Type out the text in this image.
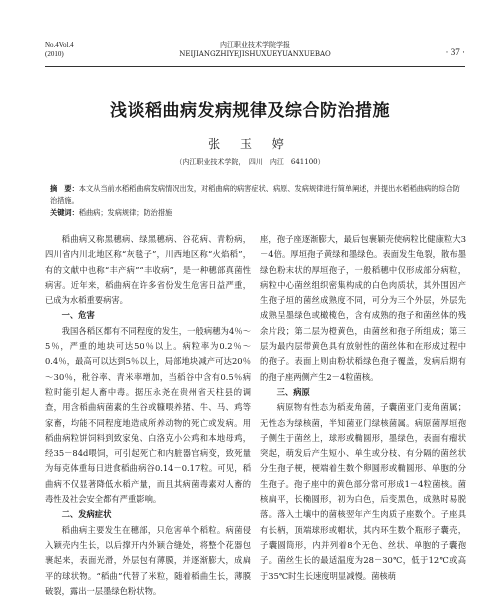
No.4Vol.4
(2010)
内江职业技术学院学报
NEIJIANGZHIYEJISHUXUEYUANXUEBAO	· 37 ·
浅谈稻曲病发病规律及综合防治措施
张 玉 婷
（内江职业技术学院，　四川　内江　641100）
摘　要：本文从当前水稻稻曲病发病情况出发，对稻曲病的病害症状、病原、发病规律进行简单阐述，并提出水稻稻曲病的综合防治措施。
关键词：稻曲病；发病规律；防治措施

稻曲病又称黑穗病、绿黑穗病、谷花病、青粉病，四川省内川北地区称“灰毯子”，川西地区称“火焰稻”，有的文献中也称“丰产病”“丰收病”，是一种穗部真菌性病害。近年来，稻曲病在许多省份发生危害日益严重，已成为水稻重要病害。

一、危害

我国各稻区都有不同程度的发生，一般病穗为4％～5％，严重的地块可达50％以上。病粒率为0.2％～0.4％，最高可以达到5％以上，局部地块减产可达20％～30％，秕谷率、青米率增加，当稻谷中含有0.5％病粒时能引起人畜中毒。据压永尧在贵州省天柱县的调查，用含稻曲病菌素的生谷或糠喂养猪、牛、马、鸡等家畜，均能不同程度地造成所养动物的死亡或发病。用稻曲病粒饼饲料到致家兔、白洛克小公鸡和本地母鸡，经35－84d喂饲，可引起死亡和内脏器官病变，致死量为每克体重每日进食稻曲病谷0.14－0.17粒。可见，稻曲病不仅显著降低水稻产量，而且其病菌毒素对人畜的毒性及社会安全都有严重影响。

二、发病症状

稻曲病主要发生在穗部，只危害单个稻粒。病菌侵入颖壳内生长，以后撑开内外颖合缝处，将整个花器包裹起来，表面光滑，外层包有薄膜，并逐渐膨大，成扁平的球状物。“稻曲”代替了米粒，随着稻曲生长，薄膜破裂，露出一层墨绿色粉状物。

座，孢子座逐渐膨大，最后包裹颖壳使病粒比健康粒大3－4倍。厚垣孢子黄绿和墨绿色。表面发生龟裂，散布墨绿色粉末状的厚垣孢子，一般稻穗中仅形成部分病粒，病粒中心菌丝组织密集构成的白色肉质状，其外围因产生孢子垣的菌丝成熟度不同，可分为三个外层，外层先成熟呈墨绿色或橄榄色，含有成熟的孢子和菌丝体的残余片段；第二层为橙黄色，由菌丝和孢子所组成；第三层为最内层带黄色具有放射性的菌丝体和在形成过程中的孢子。表面上则由粉状稻绿色孢子覆盖，发病后期有的孢子座两侧产生2－4粒菌核。

三、病原

病原物有性态为稻麦角菌，子囊菌亚门麦角菌属；无性态为绿核菌，半知菌亚门绿核菌属。病原菌厚垣孢子侧生于菌丝上，球形或椭圆形，墨绿色，表面有瘤状突起，萌发后产生短小、单生或分枝、有分隔的菌丝状分生孢子梗，梗端着生数个卵圆形或椭圆形、单胞的分生孢子。孢子座中的黄色部分常可形成1－4粒菌核。菌核扁平，长椭圆形，初为白色，后变黑色，成熟时易脱落。落入土壤中的菌核翌年产生肉质子座数个。子座具有长柄，顶端球形或帽状，其内环生数个瓶形子囊壳，子囊圆筒形，内并列着8个无色、丝状、单胞的子囊孢子。菌丝生长的最适温度为28－30℃，低于12℃或高于35℃时生长速度明显减慢。菌核萌
